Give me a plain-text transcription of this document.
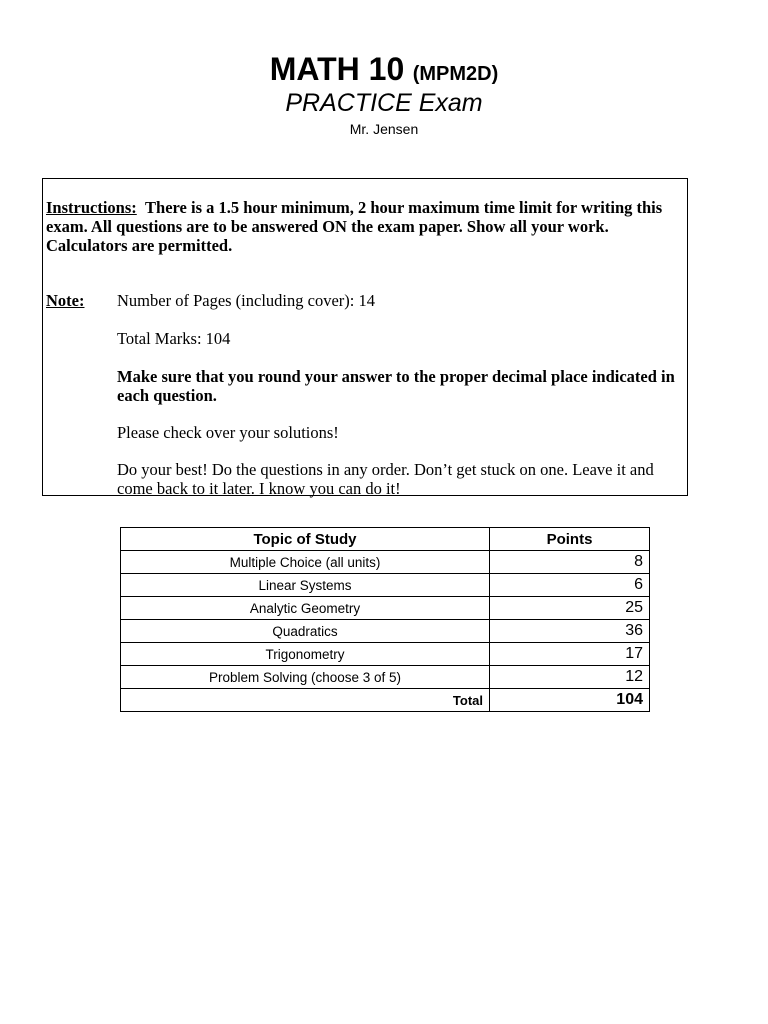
MATH 10 (MPM2D)
PRACTICE Exam
Mr. Jensen

Instructions: There is a 1.5 hour minimum, 2 hour maximum time limit for writing this exam. All questions are to be answered ON the exam paper. Show all your work. Calculators are permitted.

Note: Number of Pages (including cover): 14

Total Marks: 104

Make sure that you round your answer to the proper decimal place indicated in each question.

Please check over your solutions!

Do your best! Do the questions in any order. Don’t get stuck on one. Leave it and come back to it later. I know you can do it!

Topic of Study	Points
Multiple Choice (all units)	8
Linear Systems	6
Analytic Geometry	25
Quadratics	36
Trigonometry	17
Problem Solving (choose 3 of 5)	12
Total	104
